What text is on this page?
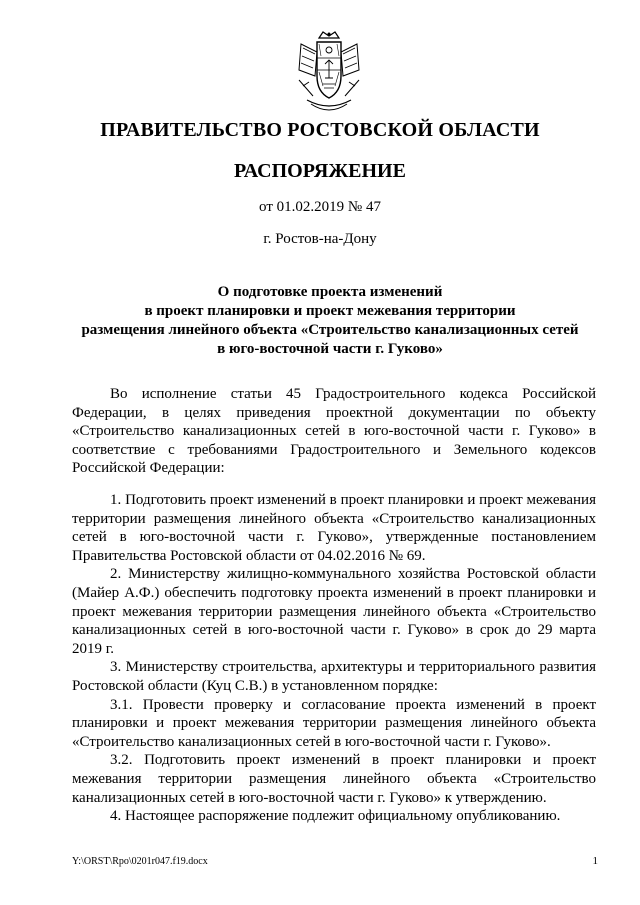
ПРАВИТЕЛЬСТВО РОСТОВСКОЙ ОБЛАСТИ
РАСПОРЯЖЕНИЕ
от 01.02.2019 № 47
г. Ростов-на-Дону
О подготовке проекта изменений
в проект планировки и проект межевания территории
размещения линейного объекта «Строительство канализационных сетей
в юго-восточной части г. Гуково»

Во исполнение статьи 45 Градостроительного кодекса Российской Федерации, в целях приведения проектной документации по объекту «Строительство канализационных сетей в юго-восточной части г. Гуково» в соответствие с требованиями Градостроительного и Земельного кодексов Российской Федерации:

1. Подготовить проект изменений в проект планировки и проект межевания территории размещения линейного объекта «Строительство канализационных сетей в юго-восточной части г. Гуково», утвержденные постановлением Правительства Ростовской области от 04.02.2016 № 69.

2. Министерству жилищно-коммунального хозяйства Ростовской области (Майер А.Ф.) обеспечить подготовку проекта изменений в проект планировки и проект межевания территории размещения линейного объекта «Строительство канализационных сетей в юго-восточной части г. Гуково» в срок до 29 марта 2019 г.

3. Министерству строительства, архитектуры и территориального развития Ростовской области (Куц С.В.) в установленном порядке:

3.1. Провести проверку и согласование проекта изменений в проект планировки и проект межевания территории размещения линейного объекта «Строительство канализационных сетей в юго-восточной части г. Гуково».

3.2. Подготовить проект изменений в проект планировки и проект межевания территории размещения линейного объекта «Строительство канализационных сетей в юго-восточной части г. Гуково» к утверждению.

4. Настоящее распоряжение подлежит официальному опубликованию.

Y:\ORST\Rpo\0201r047.f19.docx	1
